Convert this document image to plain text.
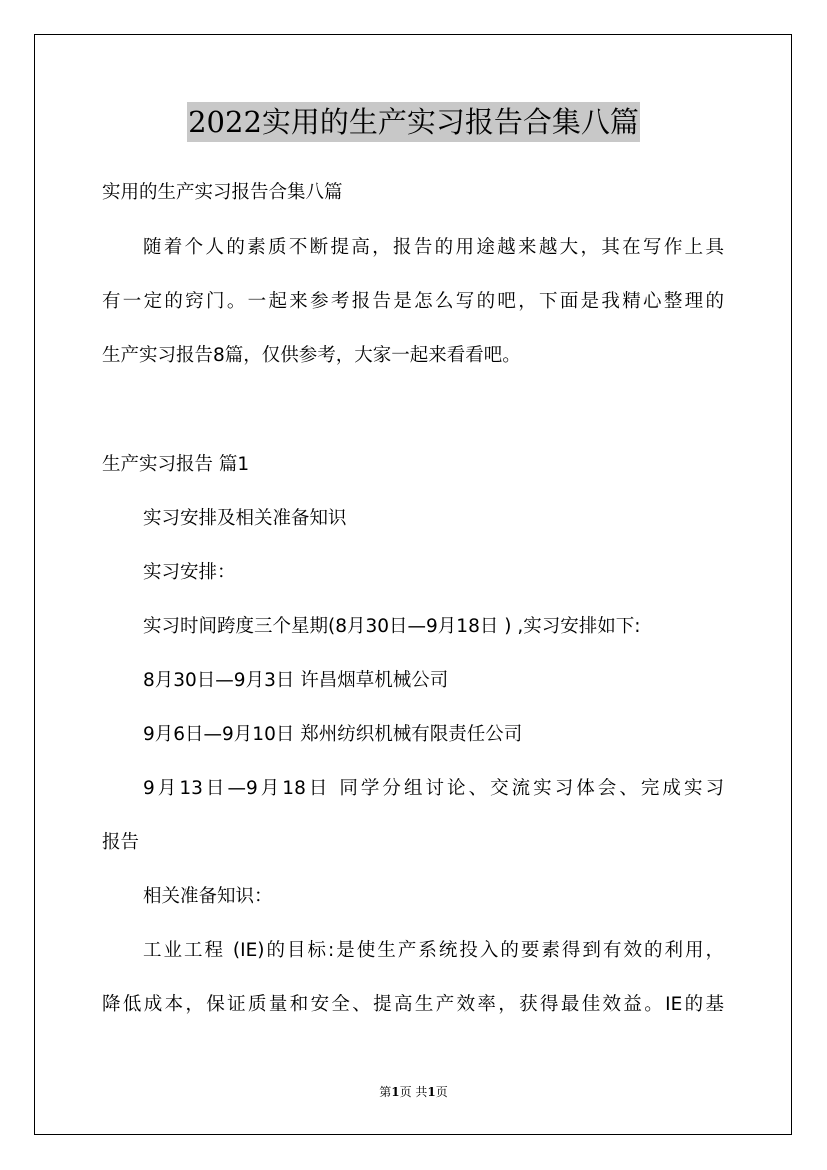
2022实用的生产实习报告合集八篇

实用的生产实习报告合集八篇

随着个人的素质不断提高，报告的用途越来越大，其在写作上具

有一定的窍门。一起来参考报告是怎么写的吧，下面是我精心整理的

生产实习报告8篇，仅供参考，大家一起来看看吧。

生产实习报告 篇1

实习安排及相关准备知识

实习安排：

实习时间跨度三个星期(8月30日—9月18日 ) ,实习安排如下:

8月30日—9月3日 许昌烟草机械公司

9月6日—9月10日 郑州纺织机械有限责任公司

9月13日—9月18日 同学分组讨论、交流实习体会、完成实习

报告

相关准备知识：

工业工程 (IE)的目标:是使生产系统投入的要素得到有效的利用，

降低成本，保证质量和安全、提高生产效率，获得最佳效益。IE的基

第1页 共1页
